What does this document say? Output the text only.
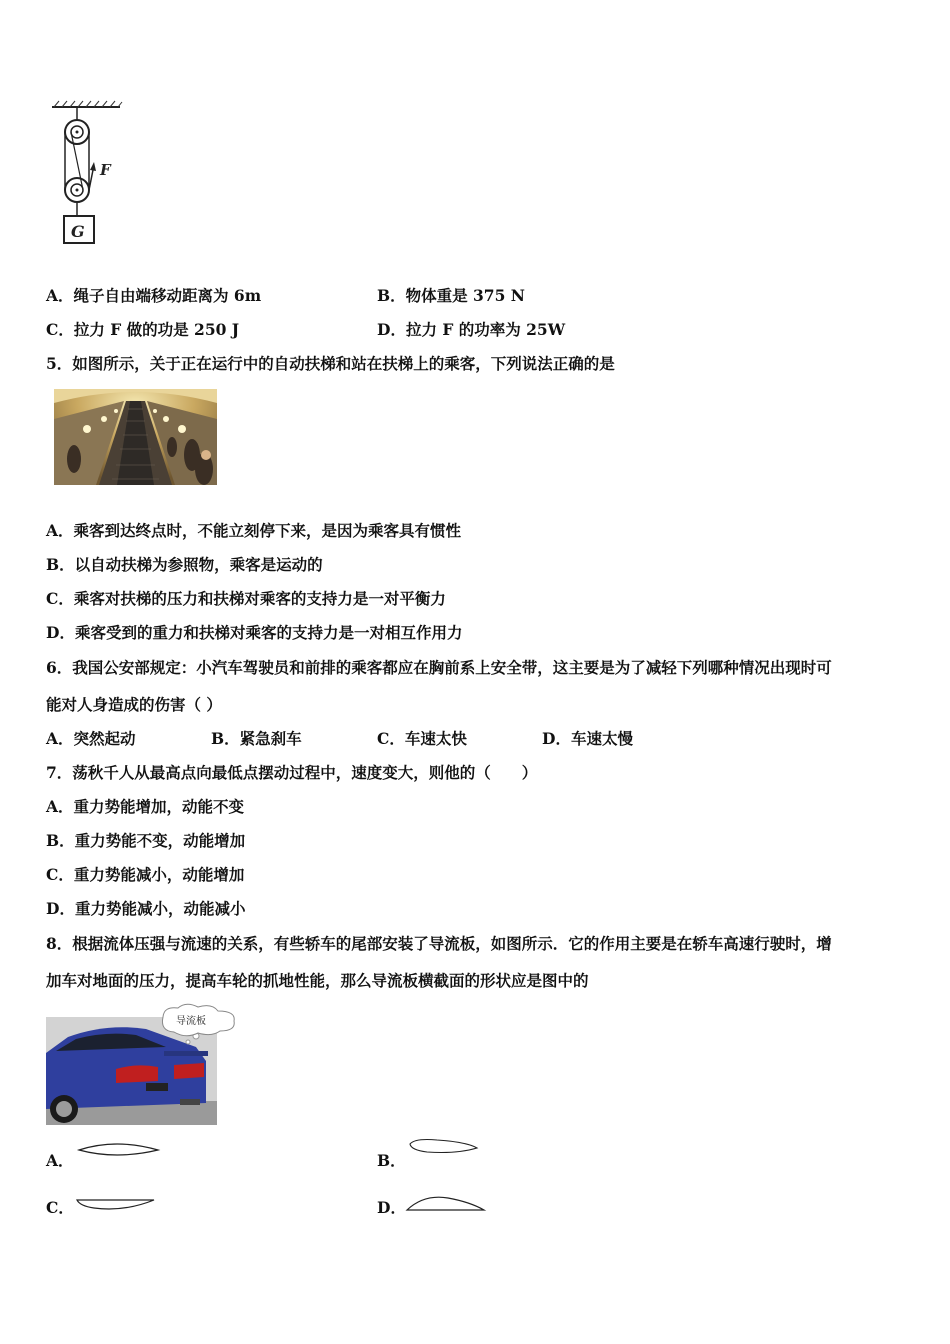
F
G
A．绳子自由端移动距离为 6m	B．物体重是 375 N
C．拉力 F 做的功是 250 J	D．拉力 F 的功率为 25W
5．如图所示，关于正在运行中的自动扶梯和站在扶梯上的乘客，下列说法正确的是
A．乘客到达终点时，不能立刻停下来，是因为乘客具有惯性
B．以自动扶梯为参照物，乘客是运动的
C．乘客对扶梯的压力和扶梯对乘客的支持力是一对平衡力
D．乘客受到的重力和扶梯对乘客的支持力是一对相互作用力
6．我国公安部规定：小汽车驾驶员和前排的乘客都应在胸前系上安全带，这主要是为了减轻下列哪种情况出现时可
能对人身造成的伤害（ ）
A．突然起动	B．紧急刹车	C．车速太快	D．车速太慢
7．荡秋千人从最高点向最低点摆动过程中，速度变大，则他的（　　）
A．重力势能增加，动能不变
B．重力势能不变，动能增加
C．重力势能减小，动能增加
D．重力势能减小，动能减小
8．根据流体压强与流速的关系，有些轿车的尾部安装了导流板，如图所示．它的作用主要是在轿车高速行驶时，增
加车对地面的压力，提高车轮的抓地性能，那么导流板横截面的形状应是图中的
导流板
A．	B．
C．	D．
